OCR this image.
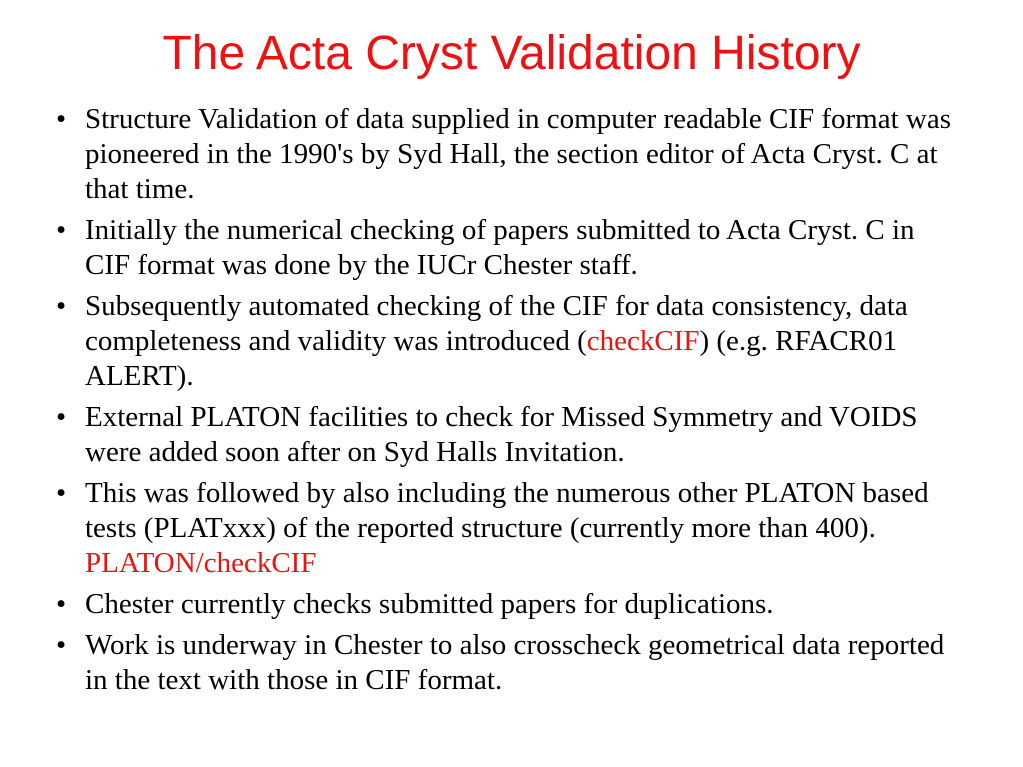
The Acta Cryst Validation History
• Structure Validation of data supplied in computer readable CIF format was pioneered in the 1990's by Syd Hall, the section editor of Acta Cryst. C at that time.
• Initially the numerical checking of papers submitted to Acta Cryst. C in CIF format was done by the IUCr Chester staff.
• Subsequently automated checking of the CIF for data consistency, data completeness and validity was introduced (checkCIF) (e.g. RFACR01 ALERT).
• External PLATON facilities to check for Missed Symmetry and VOIDS were added soon after on Syd Halls Invitation.
• This was followed by also including the numerous other PLATON based tests (PLATxxx) of the reported structure (currently more than 400). PLATON/checkCIF
• Chester currently checks submitted papers for duplications.
• Work is underway in Chester to also crosscheck geometrical data reported in the text with those in CIF format.
